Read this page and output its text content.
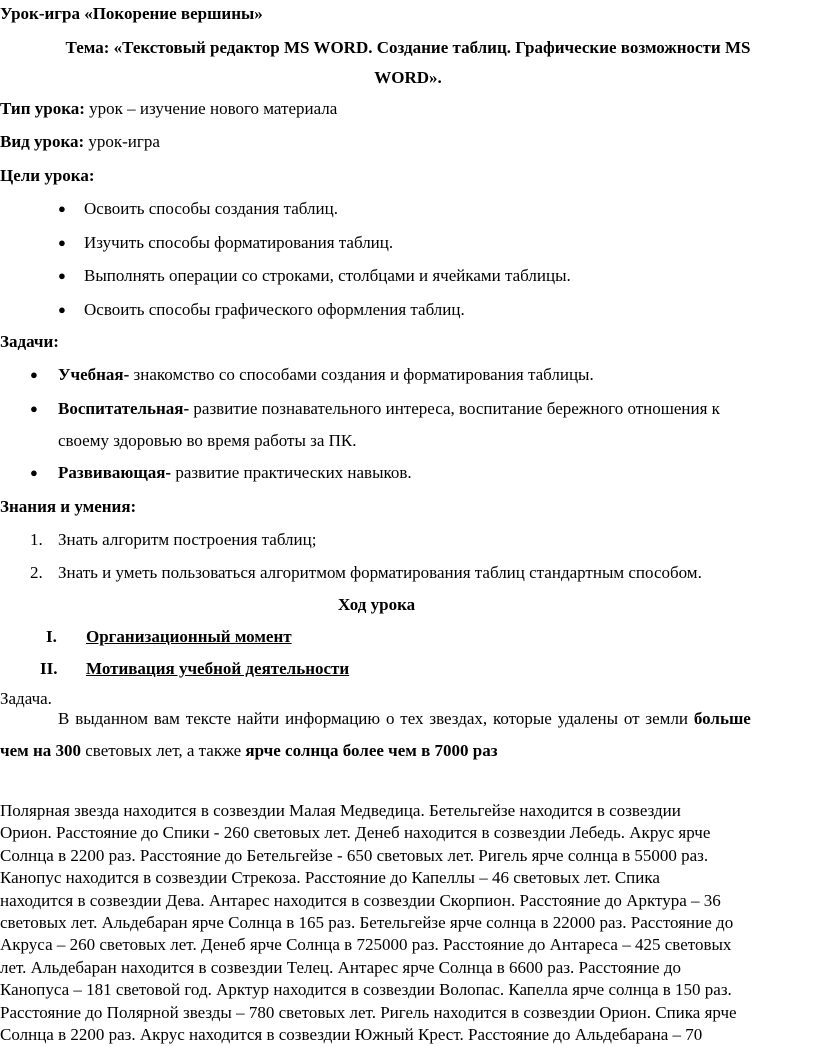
Урок-игра «Покорение вершины»
Тема: «Текстовый редактор MS WORD. Создание таблиц. Графические возможности MS
WORD».
Тип урока: урок – изучение нового материала
Вид урока: урок-игра
Цели урока:
● Освоить способы создания таблиц.
● Изучить способы форматирования таблиц.
● Выполнять операции со строками, столбцами и ячейками таблицы.
● Освоить способы графического оформления таблиц.
Задачи:
● Учебная- знакомство со способами создания и форматирования таблицы.
● Воспитательная- развитие познавательного интереса, воспитание бережного отношения к
своему здоровью во время работы за ПК.
● Развивающая- развитие практических навыков.
Знания и умения:
1. Знать алгоритм построения таблиц;
2. Знать и уметь пользоваться алгоритмом форматирования таблиц стандартным способом.
Ход урока
I. Организационный момент
II. Мотивация учебной деятельности
Задача.
В выданном вам тексте найти информацию о тех звездах, которые удалены от земли больше
чем на 300 световых лет, а также ярче солнца более чем в 7000 раз
Полярная звезда находится в созвездии Малая Медведица. Бетельгейзе находится в созвездии
Орион. Расстояние до Спики - 260 световых лет. Денеб находится в созвездии Лебедь. Акрус ярче
Солнца в 2200 раз. Расстояние до Бетельгейзе - 650 световых лет. Ригель ярче солнца в 55000 раз.
Канопус находится в созвездии Стрекоза. Расстояние до Капеллы – 46 световых лет. Спика
находится в созвездии Дева. Антарес находится в созвездии Скорпион. Расстояние до Арктура – 36
световых лет. Альдебаран ярче Солнца в 165 раз. Бетельгейзе ярче солнца в 22000 раз. Расстояние до
Акруса – 260 световых лет. Денеб ярче Солнца в 725000 раз. Расстояние до Антареса – 425 световых
лет. Альдебаран находится в созвездии Телец. Антарес ярче Солнца в 6600 раз. Расстояние до
Канопуса – 181 световой год. Арктур находится в созвездии Волопас. Капелла ярче солнца в 150 раз.
Расстояние до Полярной звезды – 780 световых лет. Ригель находится в созвездии Орион. Спика ярче
Солнца в 2200 раз. Акрус находится в созвездии Южный Крест. Расстояние до Альдебарана – 70
